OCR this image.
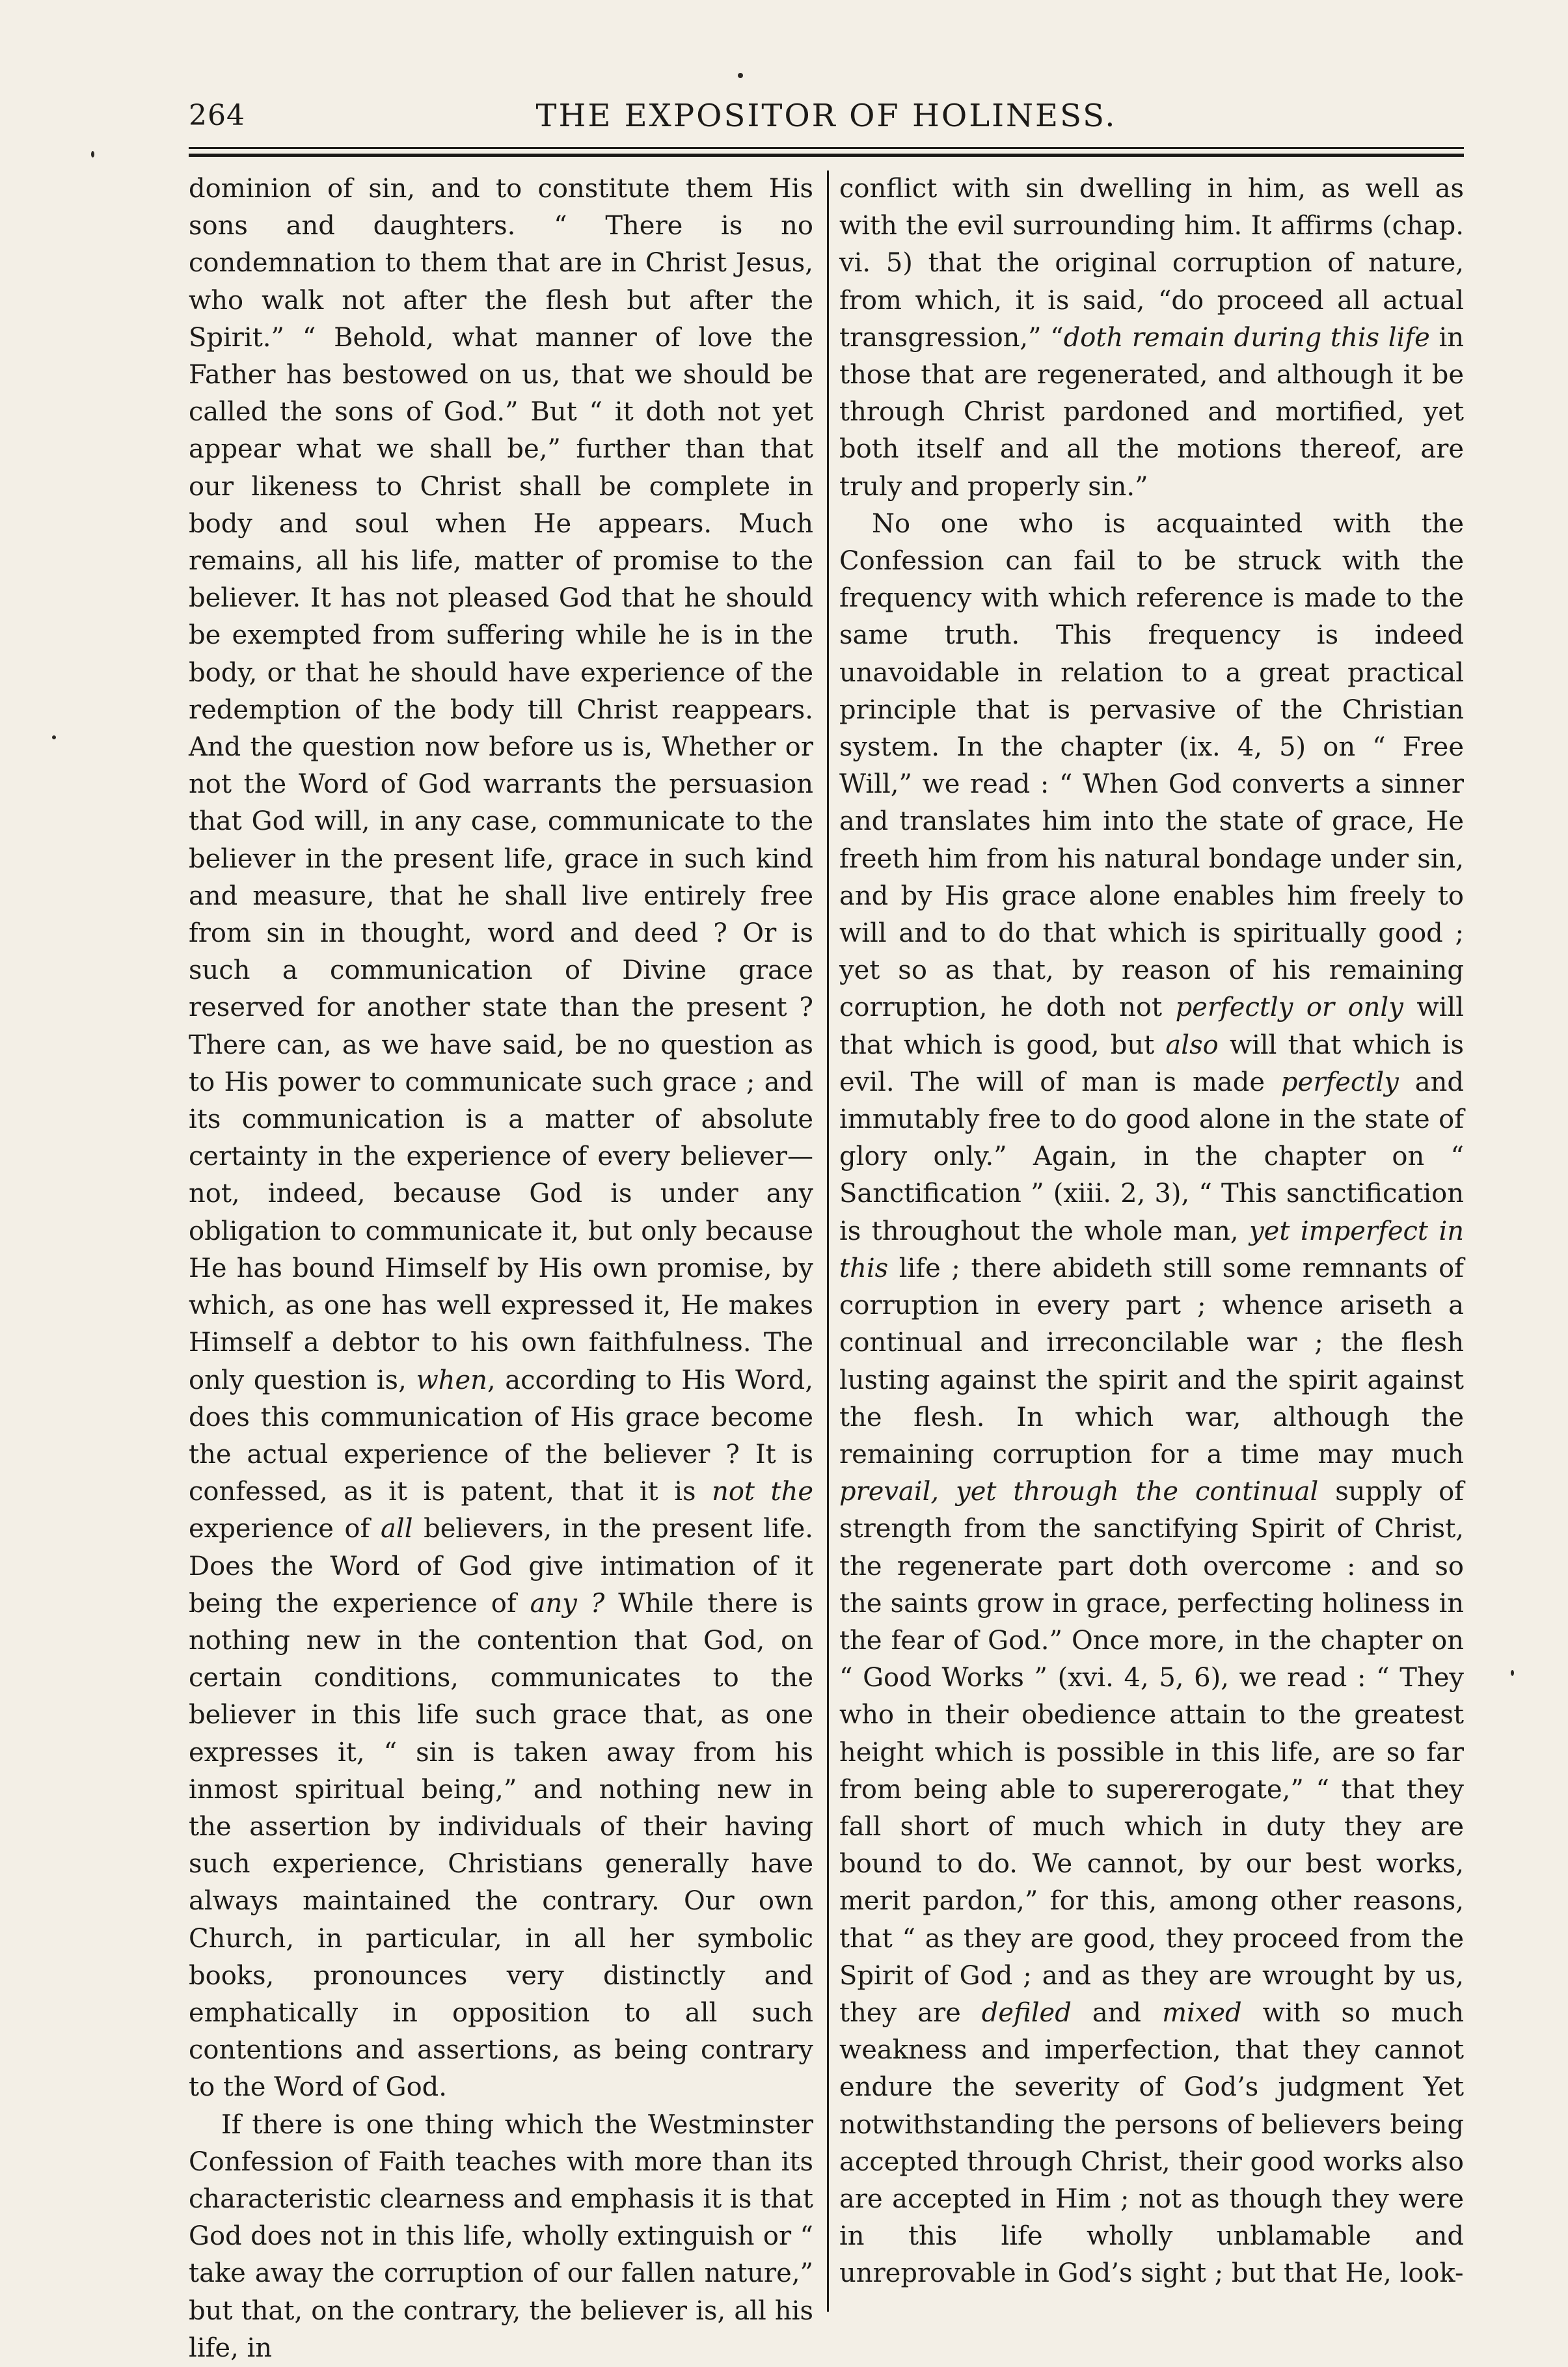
264	THE EXPOSITOR OF HOLINESS.

dominion of sin, and to constitute them His sons and daughters. “ There is no condemnation to them that are in Christ Jesus, who walk not after the flesh but after the Spirit.” “ Behold, what manner of love the Father has bestowed on us, that we should be called the sons of God.” But “ it doth not yet appear what we shall be,” further than that our likeness to Christ shall be complete in body and soul when He appears. Much remains, all his life, matter of promise to the believer. It has not pleased God that he should be exempted from suffering while he is in the body, or that he should have experience of the redemption of the body till Christ reappears. And the question now before us is, Whether or not the Word of God warrants the persuasion that God will, in any case, communicate to the believer in the present life, grace in such kind and measure, that he shall live entirely free from sin in thought, word and deed ? Or is such a communication of Divine grace reserved for another state than the present ? There can, as we have said, be no question as to His power to communicate such grace ; and its communication is a matter of absolute certainty in the experience of every believer—not, indeed, because God is under any obligation to communicate it, but only because He has bound Himself by His own promise, by which, as one has well expressed it, He makes Himself a debtor to his own faithfulness. The only question is, when, according to His Word, does this communication of His grace become the actual experience of the believer ? It is confessed, as it is patent, that it is not the experience of all believers, in the present life. Does the Word of God give intimation of it being the experience of any ? While there is nothing new in the contention that God, on certain conditions, communicates to the believer in this life such grace that, as one expresses it, “ sin is taken away from his inmost spiritual being,” and nothing new in the assertion by individuals of their having such experience, Christians generally have always maintained the contrary. Our own Church, in particular, in all her symbolic books, pronounces very distinctly and emphatically in opposition to all such contentions and assertions, as being contrary to the Word of God.

If there is one thing which the Westminster Confession of Faith teaches with more than its characteristic clearness and emphasis it is that God does not in this life, wholly extinguish or “ take away the corruption of our fallen nature,” but that, on the contrary, the believer is, all his life, in

conflict with sin dwelling in him, as well as with the evil surrounding him. It affirms (chap. vi. 5) that the original corruption of nature, from which, it is said, “do proceed all actual transgression,” “doth remain during this life in those that are regenerated, and although it be through Christ pardoned and mortified, yet both itself and all the motions thereof, are truly and properly sin.”

No one who is acquainted with the Confession can fail to be struck with the frequency with which reference is made to the same truth. This frequency is indeed unavoidable in relation to a great practical principle that is pervasive of the Christian system. In the chapter (ix. 4, 5) on “ Free Will,” we read : “ When God converts a sinner and translates him into the state of grace, He freeth him from his natural bondage under sin, and by His grace alone enables him freely to will and to do that which is spiritually good ; yet so as that, by reason of his remaining corruption, he doth not perfectly or only will that which is good, but also will that which is evil. The will of man is made perfectly and immutably free to do good alone in the state of glory only.” Again, in the chapter on “ Sanctification ” (xiii. 2, 3), “ This sanctification is throughout the whole man, yet imperfect in this life ; there abideth still some remnants of corruption in every part ; whence ariseth a continual and irreconcilable war ; the flesh lusting against the spirit and the spirit against the flesh. In which war, although the remaining corruption for a time may much prevail, yet through the continual supply of strength from the sanctifying Spirit of Christ, the regenerate part doth overcome : and so the saints grow in grace, perfecting holiness in the fear of God.” Once more, in the chapter on “ Good Works ” (xvi. 4, 5, 6), we read : “ They who in their obedience attain to the greatest height which is possible in this life, are so far from being able to supererogate,” “ that they fall short of much which in duty they are bound to do. We cannot, by our best works, merit pardon,” for this, among other reasons, that “ as they are good, they proceed from the Spirit of God ; and as they are wrought by us, they are defiled and mixed with so much weakness and imperfection, that they cannot endure the severity of God’s judgment Yet notwithstanding the persons of believers being accepted through Christ, their good works also are accepted in Him ; not as though they were in this life wholly unblamable and unreprovable in God’s sight ; but that He, look-
